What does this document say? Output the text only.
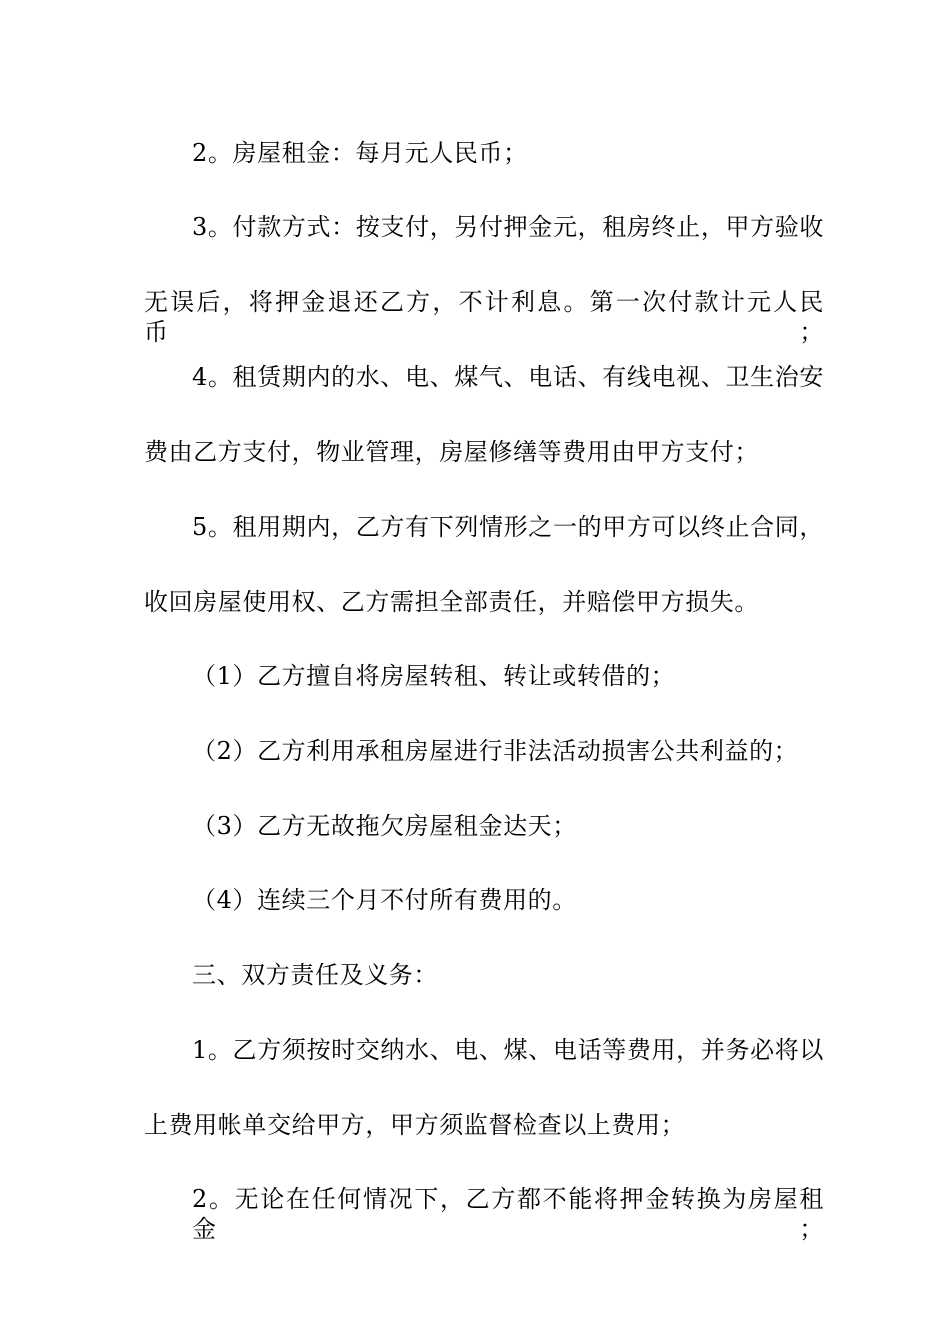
2。房屋租金：每月元人民币；
3。付款方式：按支付，另付押金元，租房终止，甲方验收
无误后，将押金退还乙方，不计利息。第一次付款计元人民币；
4。租赁期内的水、电、煤气、电话、有线电视、卫生治安
费由乙方支付，物业管理，房屋修缮等费用由甲方支付；
5。租用期内，乙方有下列情形之一的甲方可以终止合同，
收回房屋使用权、乙方需担全部责任，并赔偿甲方损失。
（1）乙方擅自将房屋转租、转让或转借的；
（2）乙方利用承租房屋进行非法活动损害公共利益的；
（3）乙方无故拖欠房屋租金达天；
（4）连续三个月不付所有费用的。
三、双方责任及义务：
1。乙方须按时交纳水、电、煤、电话等费用，并务必将以
上费用帐单交给甲方，甲方须监督检查以上费用；
2。无论在任何情况下，乙方都不能将押金转换为房屋租金；
